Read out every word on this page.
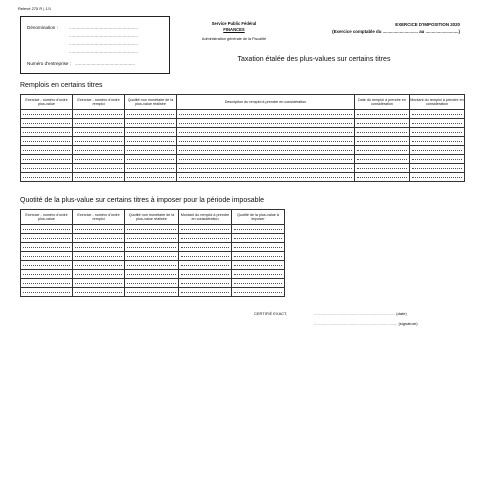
Relevé 275 R | 1/1
Dénomination : ......................................................
......................................................
......................................................
......................................................
Numéro d'entreprise : ...............................................
Service Public Fédéral
FINANCES
Administration générale de la Fiscalité
EXERCICE D'IMPOSITION 2020
(Exercice comptable du ............................. au ...........................)
Taxation étalée des plus-values sur certains titres
Remplois en certains titres
Exercice - numéro d'ordre plus-value	Exercice - numéro d'ordre remploi	Quotité non monétaire de la plus-value réalisée	Description du remploi à prendre en considération	Date du remploi à prendre en considération	Montant du remploi à prendre en considération

Quotité de la plus-value sur certains titres à imposer pour la période imposable
Exercice - numéro d'ordre plus-value	Exercice - numéro d'ordre remploi	Quotité non monétaire de la plus-value réalisée	Montant du remploi à prendre en considération	Quotité de la plus-value à imposer

CERTIFIÉ EXACT,	......................................................................... (date)
........................................................................... (signature)
